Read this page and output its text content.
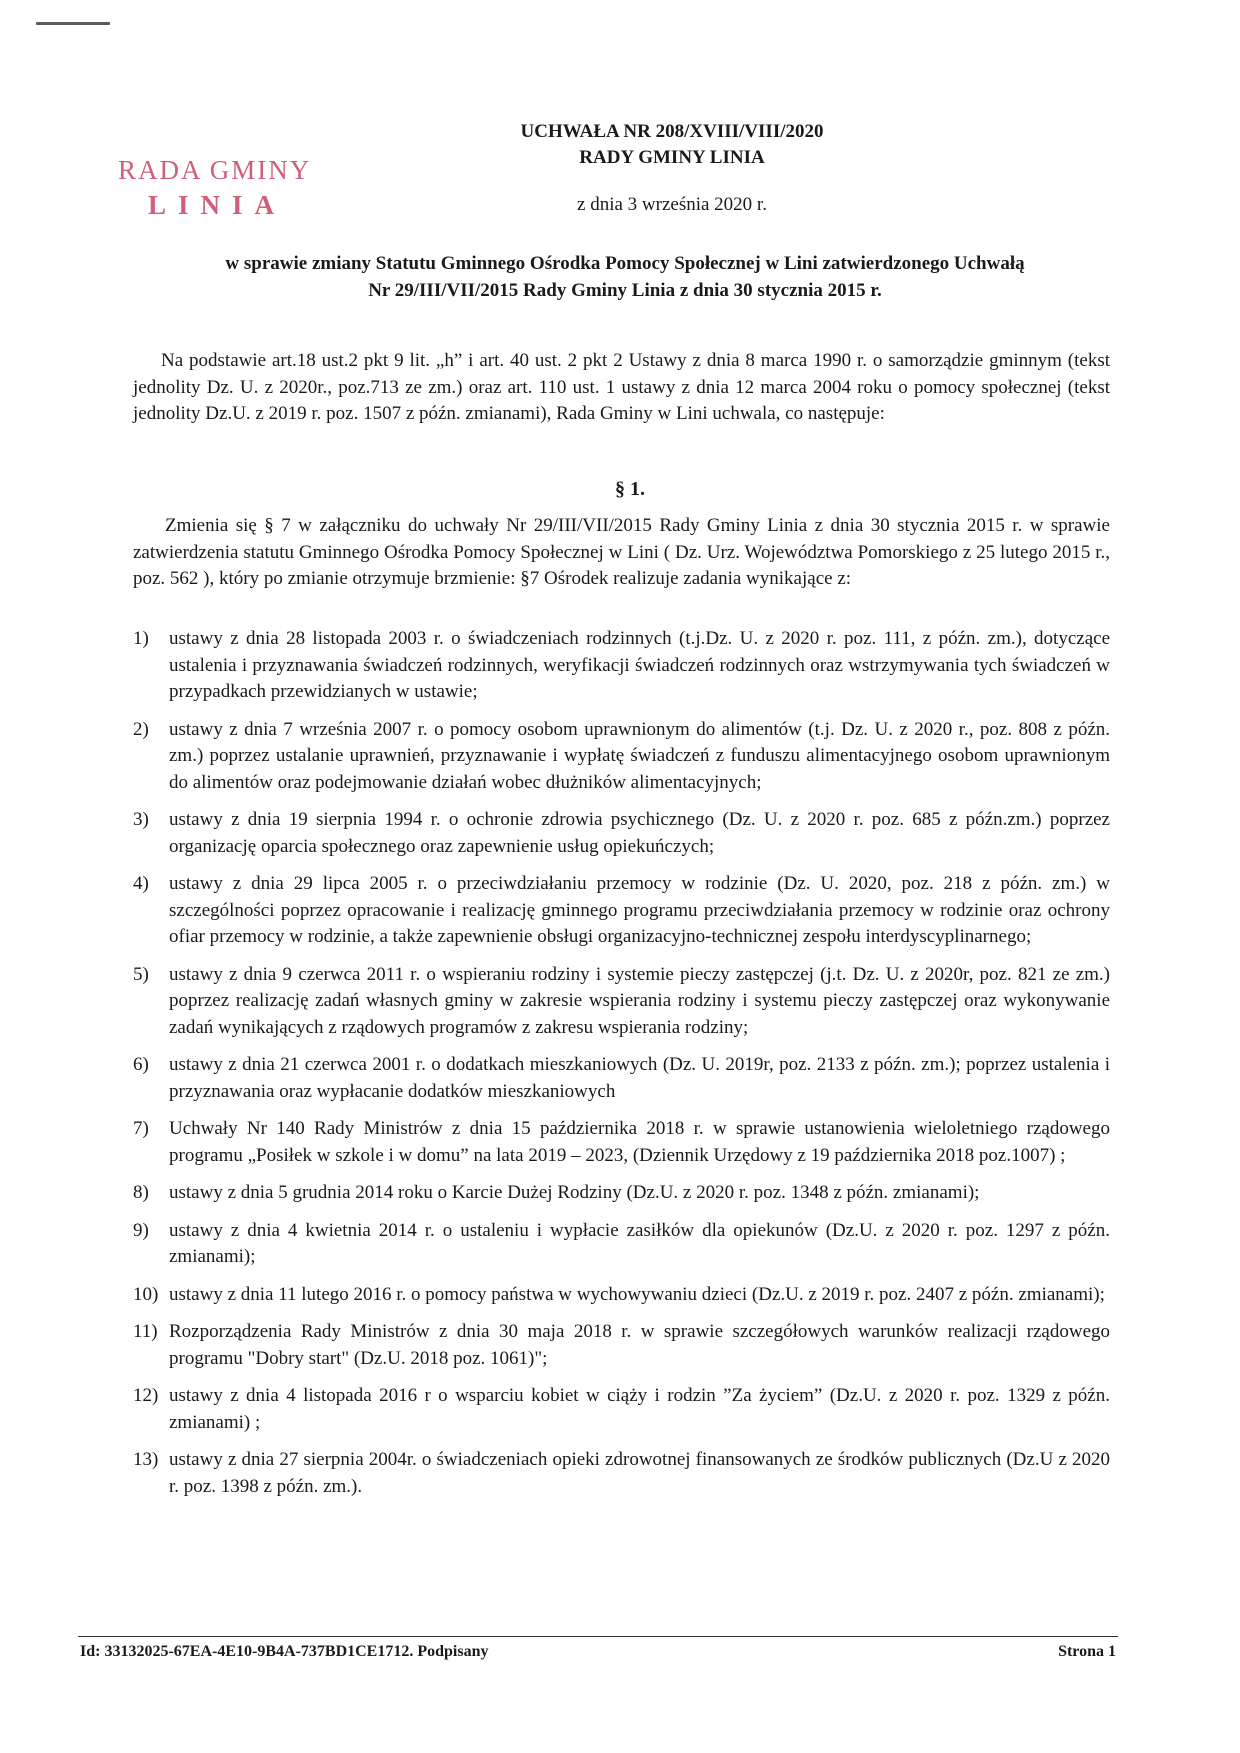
RADA GMINY
LINIA
UCHWAŁA NR 208/XVIII/VIII/2020
RADY GMINY LINIA
z dnia 3 września 2020 r.
w sprawie zmiany Statutu Gminnego Ośrodka Pomocy Społecznej w Lini zatwierdzonego Uchwałą
Nr 29/III/VII/2015 Rady Gminy Linia z dnia 30 stycznia 2015 r.
Na podstawie art.18 ust.2 pkt 9 lit. „h” i art. 40 ust. 2 pkt 2 Ustawy z dnia 8 marca 1990 r. o samorządzie gminnym (tekst jednolity Dz. U. z 2020r., poz.713 ze zm.) oraz art. 110 ust. 1 ustawy z dnia 12 marca 2004 roku o pomocy społecznej (tekst jednolity Dz.U. z 2019 r. poz. 1507 z późn. zmianami), Rada Gminy w Lini uchwala, co następuje:
§ 1.
Zmienia się § 7 w załączniku do uchwały Nr 29/III/VII/2015 Rady Gminy Linia z dnia 30 stycznia 2015 r. w sprawie zatwierdzenia statutu Gminnego Ośrodka Pomocy Społecznej w Lini ( Dz. Urz. Województwa Pomorskiego z 25 lutego 2015 r., poz. 562 ), który po zmianie otrzymuje brzmienie: §7 Ośrodek realizuje zadania wynikające z:
1)	ustawy z dnia 28 listopada 2003 r. o świadczeniach rodzinnych (t.j.Dz. U. z 2020 r. poz. 111, z późn. zm.), dotyczące ustalenia i przyznawania świadczeń rodzinnych, weryfikacji świadczeń rodzinnych oraz wstrzymywania tych świadczeń w przypadkach przewidzianych w ustawie;
2)	ustawy z dnia 7 września 2007 r. o pomocy osobom uprawnionym do alimentów (t.j. Dz. U. z 2020 r., poz. 808 z późn. zm.) poprzez ustalanie uprawnień, przyznawanie i wypłatę świadczeń z funduszu alimentacyjnego osobom uprawnionym do alimentów oraz podejmowanie działań wobec dłużników alimentacyjnych;
3)	ustawy z dnia 19 sierpnia 1994 r. o ochronie zdrowia psychicznego (Dz. U. z 2020 r. poz. 685 z późn.zm.) poprzez organizację oparcia społecznego oraz zapewnienie usług opiekuńczych;
4)	ustawy z dnia 29 lipca 2005 r. o przeciwdziałaniu przemocy w rodzinie (Dz. U. 2020, poz. 218 z późn. zm.) w szczególności poprzez opracowanie i realizację gminnego programu przeciwdziałania przemocy w rodzinie oraz ochrony ofiar przemocy w rodzinie, a także zapewnienie obsługi organizacyjno-technicznej zespołu interdyscyplinarnego;
5)	ustawy z dnia 9 czerwca 2011 r. o wspieraniu rodziny i systemie pieczy zastępczej (j.t. Dz. U. z 2020r, poz. 821 ze zm.) poprzez realizację zadań własnych gminy w zakresie wspierania rodziny i systemu pieczy zastępczej oraz wykonywanie zadań wynikających z rządowych programów z zakresu wspierania rodziny;
6)	ustawy z dnia 21 czerwca 2001 r. o dodatkach mieszkaniowych (Dz. U. 2019r, poz. 2133 z późn. zm.); poprzez ustalenia i przyznawania oraz wypłacanie dodatków mieszkaniowych
7)	Uchwały Nr 140 Rady Ministrów z dnia 15 października 2018 r. w sprawie ustanowienia wieloletniego rządowego programu „Posiłek w szkole i w domu” na lata 2019 – 2023, (Dziennik Urzędowy z 19 października 2018 poz.1007) ;
8)	ustawy z dnia 5 grudnia 2014 roku o Karcie Dużej Rodziny (Dz.U. z 2020 r. poz. 1348 z późn. zmianami);
9)	ustawy z dnia 4 kwietnia 2014 r. o ustaleniu i wypłacie zasiłków dla opiekunów (Dz.U. z 2020 r. poz. 1297 z późn. zmianami);
10) ustawy z dnia 11 lutego 2016 r. o pomocy państwa w wychowywaniu dzieci (Dz.U. z 2019 r. poz. 2407 z późn. zmianami);
11) Rozporządzenia Rady Ministrów z dnia 30 maja 2018 r. w sprawie szczegółowych warunków realizacji rządowego programu "Dobry start" (Dz.U. 2018 poz. 1061)";
12) ustawy z dnia 4 listopada 2016 r o wsparciu kobiet w ciąży i rodzin ”Za życiem” (Dz.U. z 2020 r. poz. 1329 z późn. zmianami) ;
13) ustawy z dnia 27 sierpnia 2004r. o świadczeniach opieki zdrowotnej finansowanych ze środków publicznych (Dz.U z 2020 r. poz. 1398 z późn. zm.).
Id: 33132025-67EA-4E10-9B4A-737BD1CE1712. Podpisany	Strona 1
